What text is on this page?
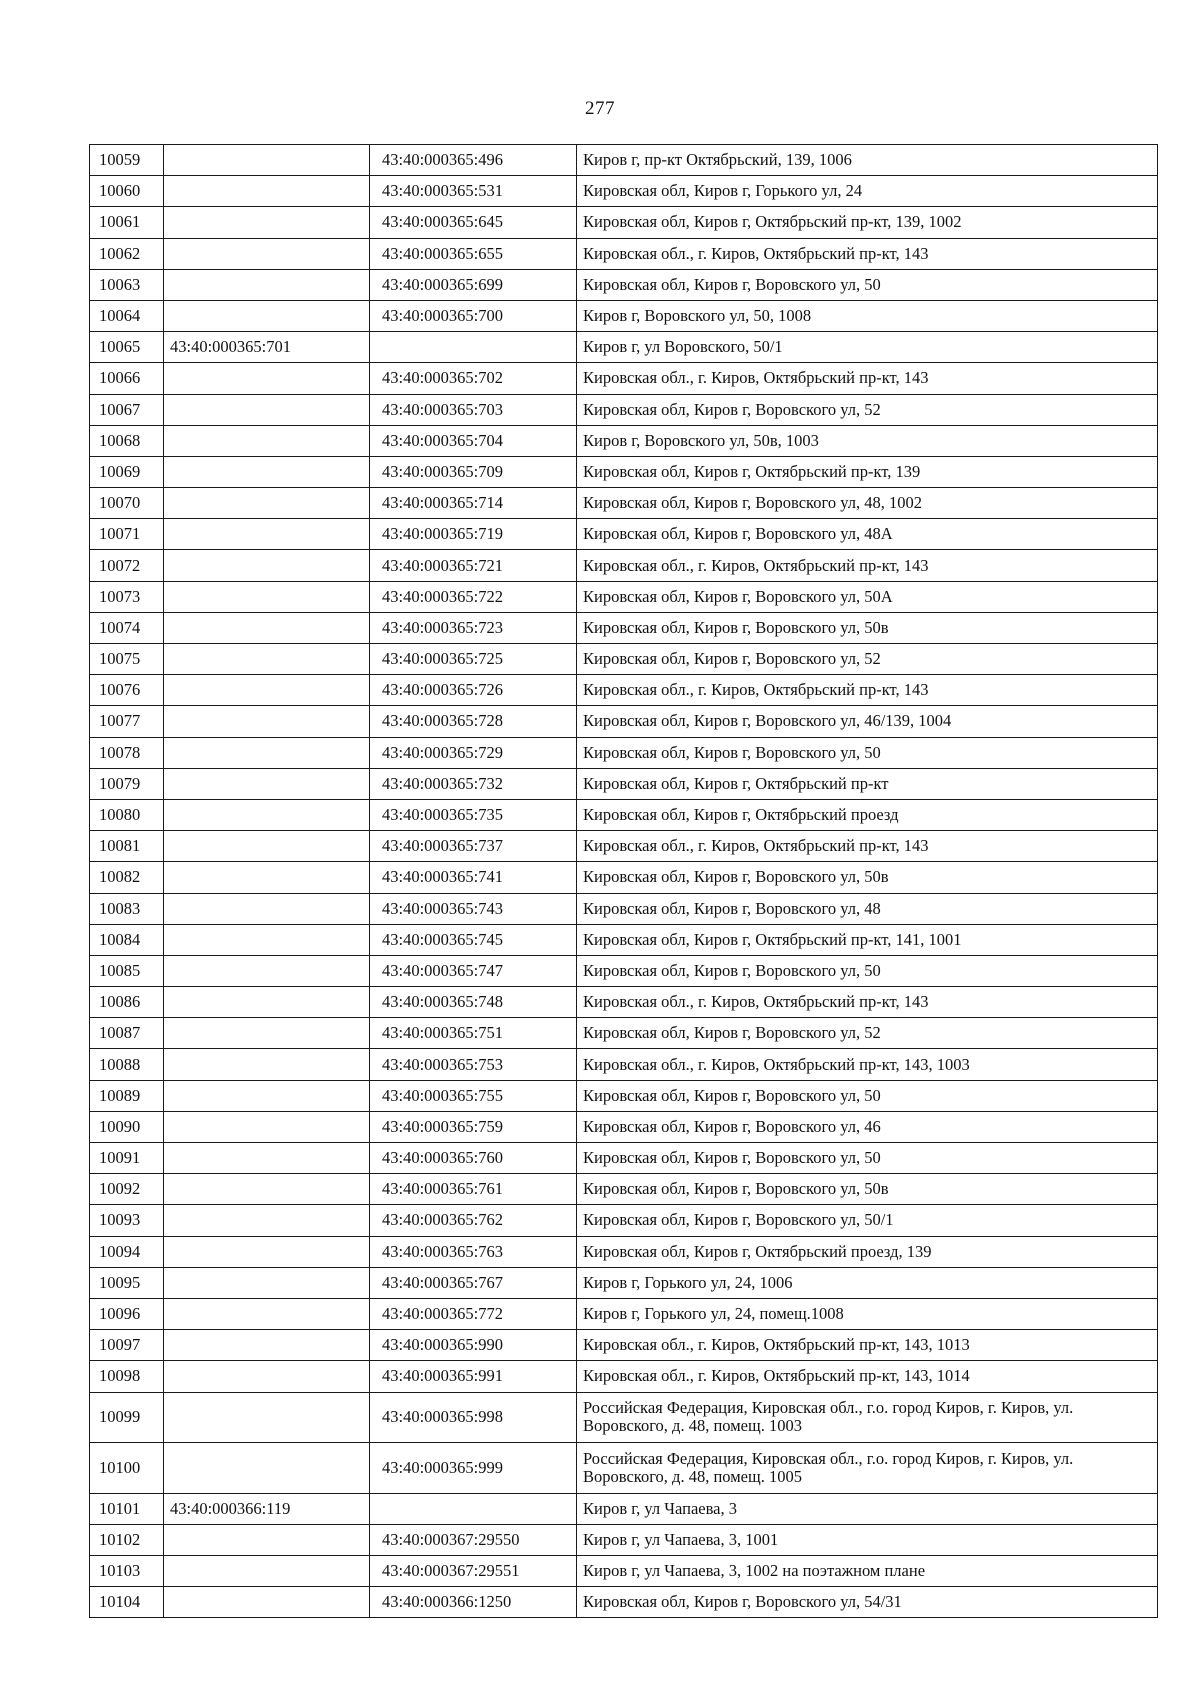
277
10059		43:40:000365:496	Киров г, пр-кт Октябрьский, 139, 1006
10060		43:40:000365:531	Кировская обл, Киров г, Горького ул, 24
10061		43:40:000365:645	Кировская обл, Киров г, Октябрьский пр-кт, 139, 1002
10062		43:40:000365:655	Кировская обл., г. Киров, Октябрьский пр-кт, 143
10063		43:40:000365:699	Кировская обл, Киров г, Воровского ул, 50
10064		43:40:000365:700	Киров г, Воровского ул, 50, 1008
10065	43:40:000365:701		Киров г, ул Воровского, 50/1
10066		43:40:000365:702	Кировская обл., г. Киров, Октябрьский пр-кт, 143
10067		43:40:000365:703	Кировская обл, Киров г, Воровского ул, 52
10068		43:40:000365:704	Киров г, Воровского ул, 50в, 1003
10069		43:40:000365:709	Кировская обл, Киров г, Октябрьский пр-кт, 139
10070		43:40:000365:714	Кировская обл, Киров г, Воровского ул, 48, 1002
10071		43:40:000365:719	Кировская обл, Киров г, Воровского ул, 48А
10072		43:40:000365:721	Кировская обл., г. Киров, Октябрьский пр-кт, 143
10073		43:40:000365:722	Кировская обл, Киров г, Воровского ул, 50А
10074		43:40:000365:723	Кировская обл, Киров г, Воровского ул, 50в
10075		43:40:000365:725	Кировская обл, Киров г, Воровского ул, 52
10076		43:40:000365:726	Кировская обл., г. Киров, Октябрьский пр-кт, 143
10077		43:40:000365:728	Кировская обл, Киров г, Воровского ул, 46/139, 1004
10078		43:40:000365:729	Кировская обл, Киров г, Воровского ул, 50
10079		43:40:000365:732	Кировская обл, Киров г, Октябрьский пр-кт
10080		43:40:000365:735	Кировская обл, Киров г, Октябрьский проезд
10081		43:40:000365:737	Кировская обл., г. Киров, Октябрьский пр-кт, 143
10082		43:40:000365:741	Кировская обл, Киров г, Воровского ул, 50в
10083		43:40:000365:743	Кировская обл, Киров г, Воровского ул, 48
10084		43:40:000365:745	Кировская обл, Киров г, Октябрьский пр-кт, 141, 1001
10085		43:40:000365:747	Кировская обл, Киров г, Воровского ул, 50
10086		43:40:000365:748	Кировская обл., г. Киров, Октябрьский пр-кт, 143
10087		43:40:000365:751	Кировская обл, Киров г, Воровского ул, 52
10088		43:40:000365:753	Кировская обл., г. Киров, Октябрьский пр-кт, 143, 1003
10089		43:40:000365:755	Кировская обл, Киров г, Воровского ул, 50
10090		43:40:000365:759	Кировская обл, Киров г, Воровского ул, 46
10091		43:40:000365:760	Кировская обл, Киров г, Воровского ул, 50
10092		43:40:000365:761	Кировская обл, Киров г, Воровского ул, 50в
10093		43:40:000365:762	Кировская обл, Киров г, Воровского ул, 50/1
10094		43:40:000365:763	Кировская обл, Киров г, Октябрьский проезд, 139
10095		43:40:000365:767	Киров г, Горького ул, 24, 1006
10096		43:40:000365:772	Киров г, Горького ул, 24, помещ.1008
10097		43:40:000365:990	Кировская обл., г. Киров, Октябрьский пр-кт, 143, 1013
10098		43:40:000365:991	Кировская обл., г. Киров, Октябрьский пр-кт, 143, 1014
10099		43:40:000365:998	Российская Федерация, Кировская обл., г.о. город Киров, г. Киров, ул. Воровского, д. 48, помещ. 1003
10100		43:40:000365:999	Российская Федерация, Кировская обл., г.о. город Киров, г. Киров, ул. Воровского, д. 48, помещ. 1005
10101	43:40:000366:119		Киров г, ул Чапаева, 3
10102		43:40:000367:29550	Киров г, ул Чапаева, 3, 1001
10103		43:40:000367:29551	Киров г, ул Чапаева, 3, 1002 на поэтажном плане
10104		43:40:000366:1250	Кировская обл, Киров г, Воровского ул, 54/31
